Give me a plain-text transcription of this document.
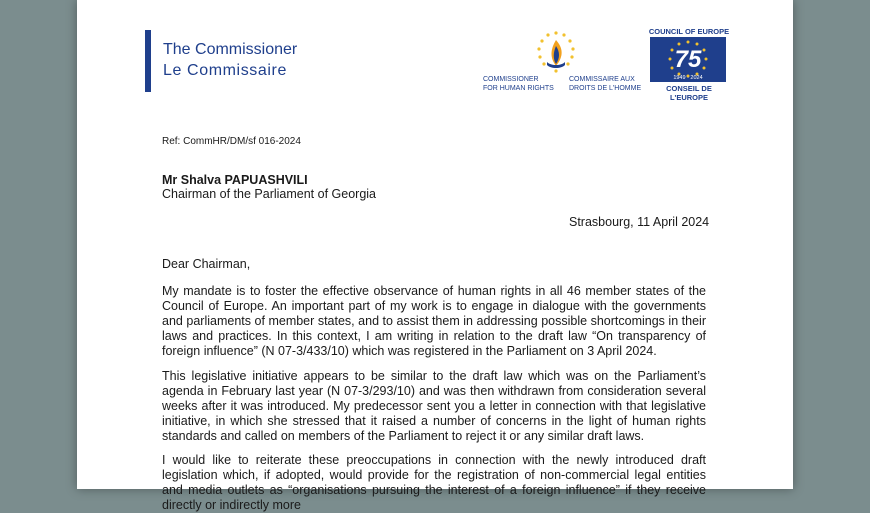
The Commissioner
Le Commissaire
COMMISSIONER
FOR HUMAN RIGHTS
COMMISSAIRE AUX
DROITS DE L'HOMME
COUNCIL OF EUROPE
75
1949 · 2024
CONSEIL DE L'EUROPE
Ref: CommHR/DM/sf 016-2024
Mr Shalva PAPUASHVILI
Chairman of the Parliament of Georgia
Strasbourg, 11 April 2024
Dear Chairman,
My mandate is to foster the effective observance of human rights in all 46 member states of the Council of Europe. An important part of my work is to engage in dialogue with the governments and parliaments of member states, and to assist them in addressing possible shortcomings in their laws and practices. In this context, I am writing in relation to the draft law “On transparency of foreign influence” (N 07-3/433/10) which was registered in the Parliament on 3 April 2024.
This legislative initiative appears to be similar to the draft law which was on the Parliament’s agenda in February last year (N 07-3/293/10) and was then withdrawn from consideration several weeks after it was introduced. My predecessor sent you a letter in connection with that legislative initiative, in which she stressed that it raised a number of concerns in the light of human rights standards and called on members of the Parliament to reject it or any similar draft laws.
I would like to reiterate these preoccupations in connection with the newly introduced draft legislation which, if adopted, would provide for the registration of non-commercial legal entities and media outlets as “organisations pursuing the interest of a foreign influence” if they receive directly or indirectly more
